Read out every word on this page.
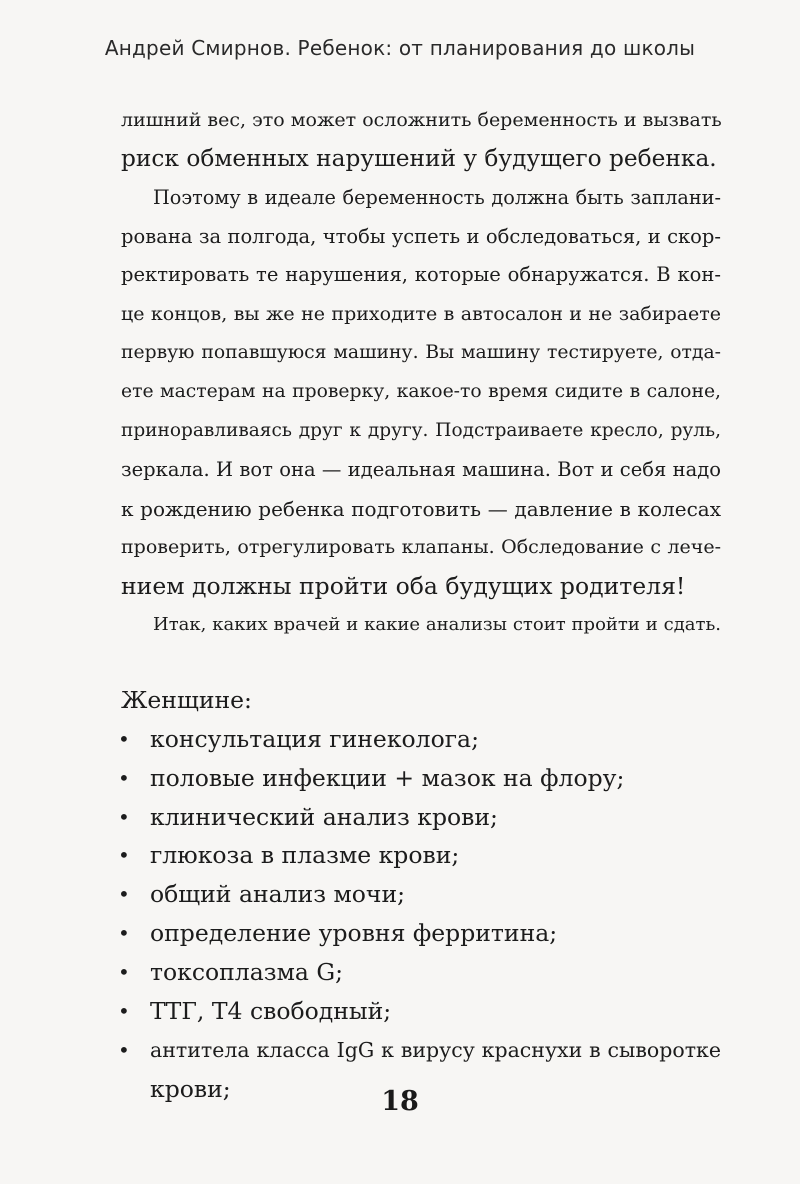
Андрей Смирнов. Ребенок: от планирования до школы
лишний вес, это может осложнить беременность и вызвать
риск обменных нарушений у будущего ребенка.
Поэтому в идеале беременность должна быть заплани-
рована за полгода, чтобы успеть и обследоваться, и скор-
ректировать те нарушения, которые обнаружатся. В кон-
це концов, вы же не приходите в автосалон и не забираете
первую попавшуюся машину. Вы машину тестируете, отда-
ете мастерам на проверку, какое-то время сидите в салоне,
приноравливаясь друг к другу. Подстраиваете кресло, руль,
зеркала. И вот она — идеальная машина. Вот и себя надо
к рождению ребенка подготовить — давление в колесах
проверить, отрегулировать клапаны. Обследование с лече-
нием должны пройти оба будущих родителя!
Итак, каких врачей и какие анализы стоит пройти и сдать.
Женщине:
• консультация гинеколога;
• половые инфекции + мазок на флору;
• клинический анализ крови;
• глюкоза в плазме крови;
• общий анализ мочи;
• определение уровня ферритина;
• токсоплазма G;
• ТТГ, Т4 свободный;
• антитела класса IgG к вирусу краснухи в сыворотке
крови;	18
